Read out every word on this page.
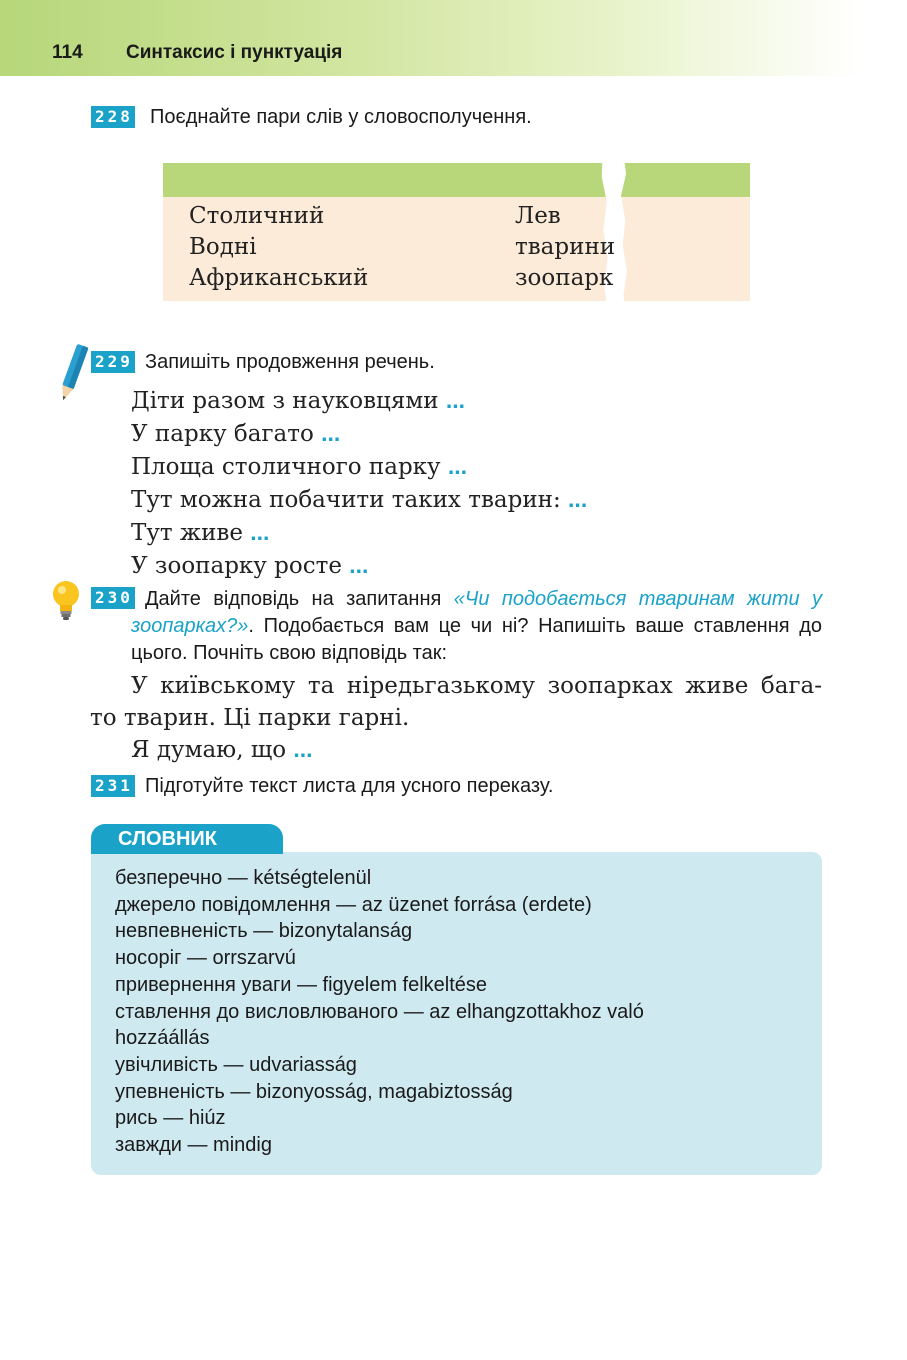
114 Синтаксис і пунктуація
228 Поєднайте пари слів у словосполучення.
Столичний
Водні
Африканський
Лев
тварини
зоопарк
229 Запишіть продовження речень.
Діти разом з науковцями ...
У парку багато ...
Площа столичного парку ...
Тут можна побачити таких тварин: ...
Тут живе ...
У зоопарку росте ...
230 Дайте відповідь на запитання «Чи подобається тваринам жити у зоопарках?». Подобається вам це чи ні? Напишіть ваше ставлення до цього. Почніть свою відповідь так:
У київському та ніредьгазькому зоопарках живе бага-
то тварин. Ці парки гарні.
Я думаю, що ...
231 Підготуйте текст листа для усного переказу.
СЛОВНИК
безперечно — kétségtelenül
джерело повідомлення — az üzenet forrása (erdete)
невпевненість — bizonytalanság
носоріг — orrszarvú
привернення уваги — figyelem felkeltése
ставлення до висловлюваного — az elhangzottakhoz való
hozzáállás
увічливість — udvariasság
упевненість — bizonyosság, magabiztosság
рись — hiúz
завжди — mindig
